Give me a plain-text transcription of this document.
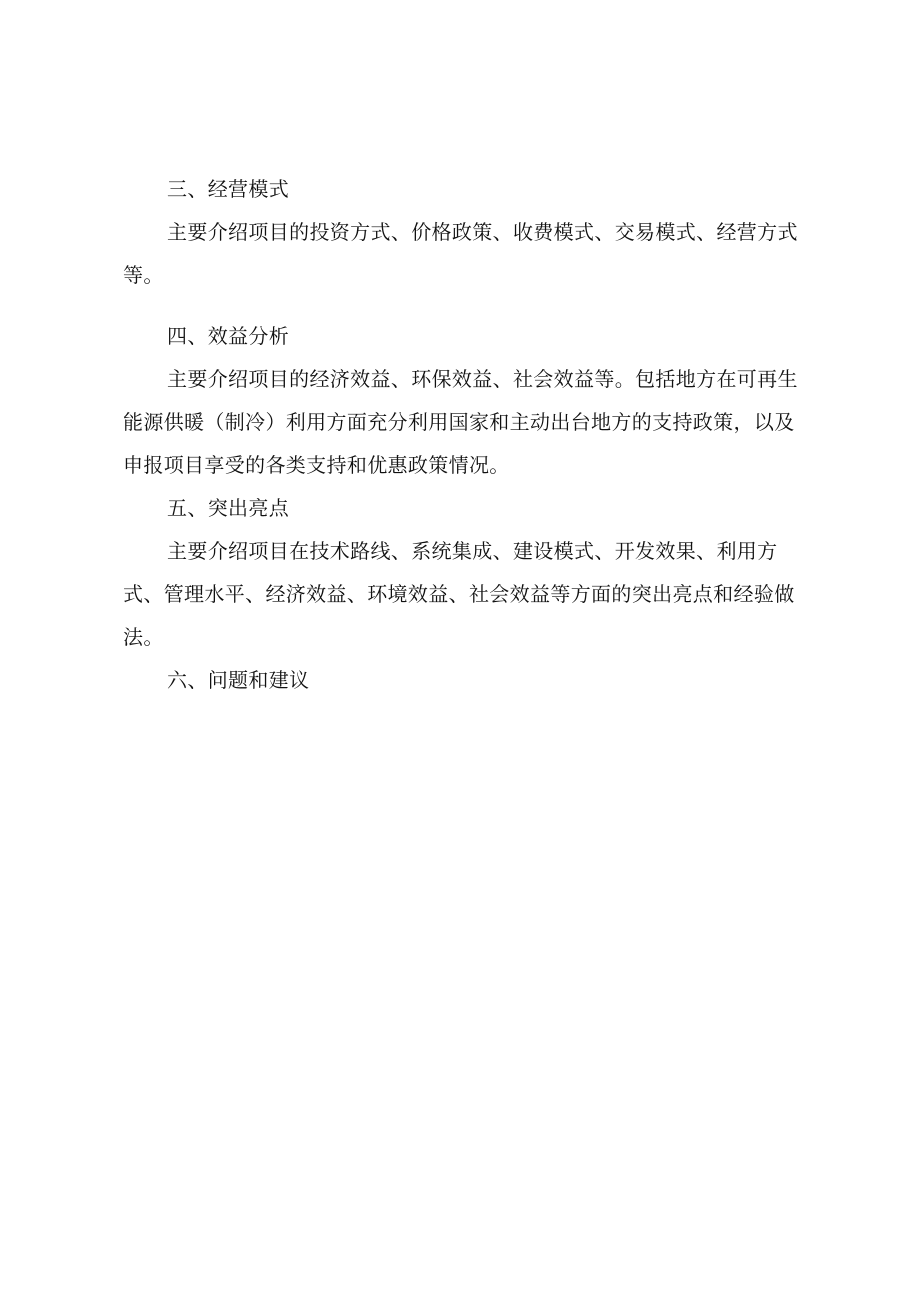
三、经营模式

主要介绍项目的投资方式、价格政策、收费模式、交易模式、经营方式等。

四、效益分析

主要介绍项目的经济效益、环保效益、社会效益等。包括地方在可再生能源供暖（制冷）利用方面充分利用国家和主动出台地方的支持政策，以及申报项目享受的各类支持和优惠政策情况。

五、突出亮点

主要介绍项目在技术路线、系统集成、建设模式、开发效果、利用方式、管理水平、经济效益、环境效益、社会效益等方面的突出亮点和经验做法。

六、问题和建议
